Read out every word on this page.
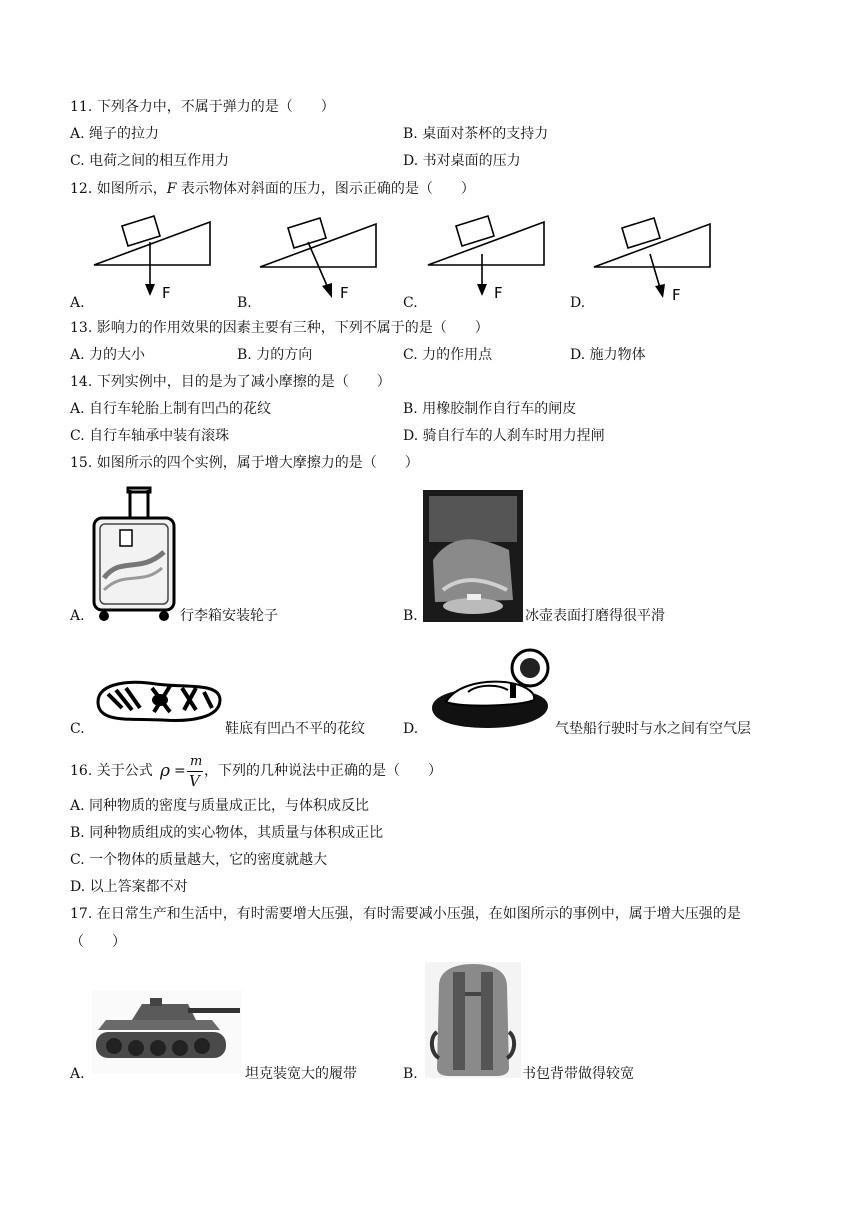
11. 下列各力中，不属于弹力的是（　　）
A. 绳子的拉力	B. 桌面对茶杯的支持力
C. 电荷之间的相互作用力	D. 书对桌面的压力
12. 如图所示，F 表示物体对斜面的压力，图示正确的是（　　）
F
A.
F
B.
F
C.	F
D.
13. 影响力的作用效果的因素主要有三种，下列不属于的是（　　）
A. 力的大小	B. 力的方向	C. 力的作用点	D. 施力物体
14. 下列实例中，目的是为了减小摩擦的是（　　）
A. 自行车轮胎上制有凹凸的花纹	B. 用橡胶制作自行车的闸皮
C. 自行车轴承中装有滚珠	D. 骑自行车的人刹车时用力捏闸
15. 如图所示的四个实例，属于增大摩擦力的是（　　）
A.	行李箱安装轮子	B.	冰壶表面打磨得很平滑
C.	鞋底有凹凸不平的花纹	D.	气垫船行驶时与水之间有空气层
16. 关于公式 ρ =
m
V
，下列的几种说法中正确的是（　　）
A. 同种物质的密度与质量成正比，与体积成反比
B. 同种物质组成的实心物体，其质量与体积成正比
C. 一个物体的质量越大，它的密度就越大
D. 以上答案都不对
17. 在日常生产和生活中，有时需要增大压强，有时需要减小压强，在如图所示的事例中，属于增大压强的是
（　　）
A.	坦克装宽大的履带	B.	书包背带做得较宽
